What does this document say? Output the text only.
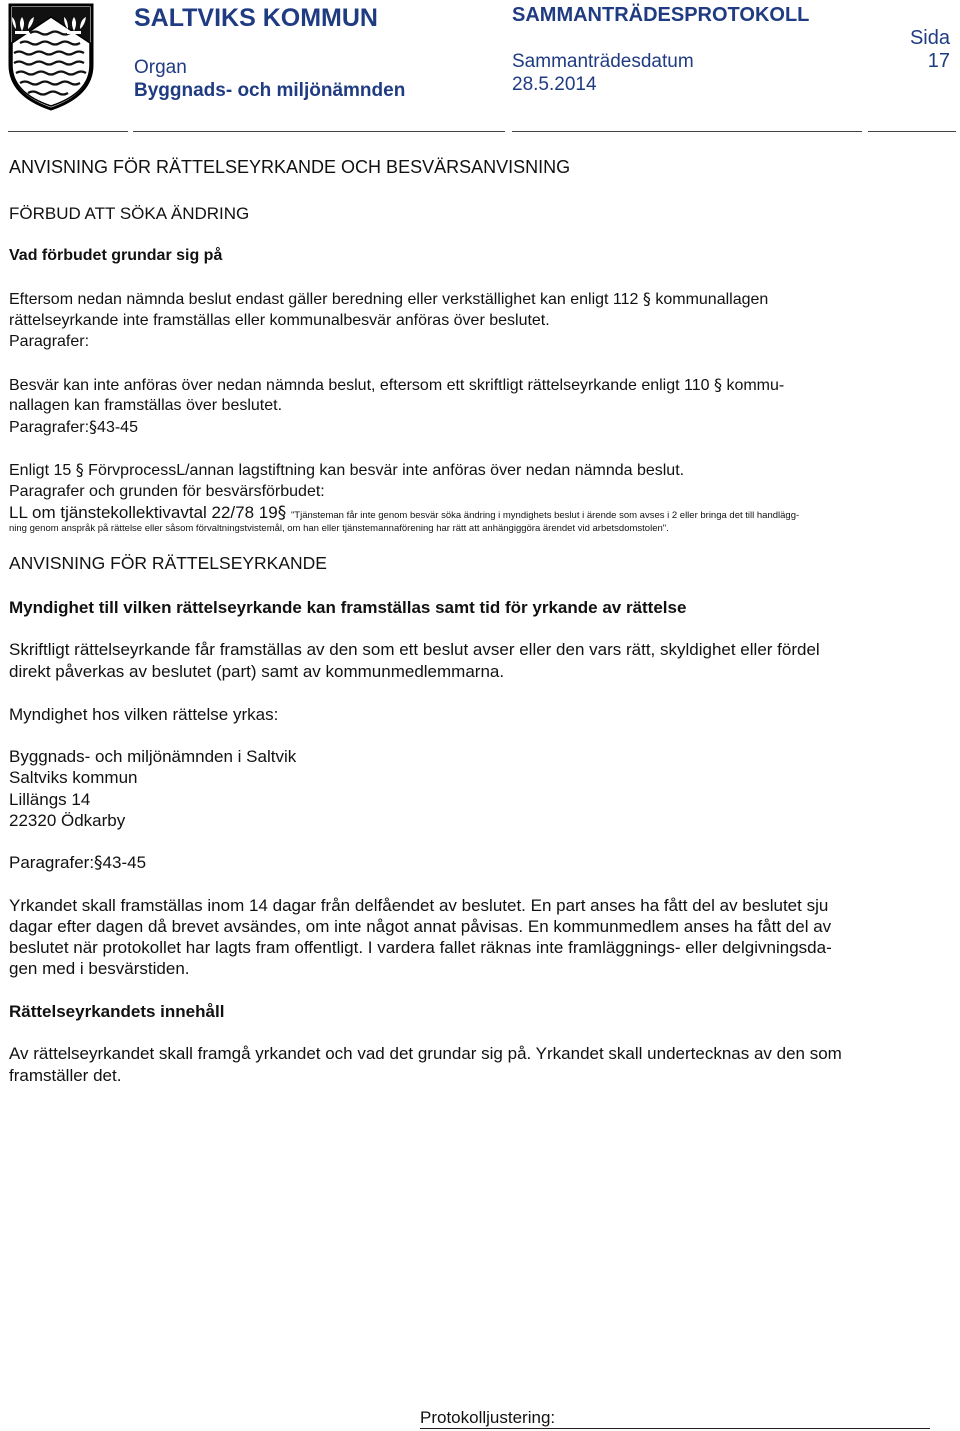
SALTVIKS KOMMUN
Organ
Byggnads- och miljönämnden
SAMMANTRÄDESPROTOKOLL
Sammanträdesdatum
28.5.2014
Sida
17
ANVISNING FÖR RÄTTELSEYRKANDE OCH BESVÄRSANVISNING
FÖRBUD ATT SÖKA ÄNDRING
Vad förbudet grundar sig på
Eftersom nedan nämnda beslut endast gäller beredning eller verkställighet kan enligt 112 § kommunallagen
rättelseyrkande inte framställas eller kommunalbesvär anföras över beslutet.
Paragrafer:
Besvär kan inte anföras över nedan nämnda beslut, eftersom ett skriftligt rättelseyrkande enligt 110 § kommu-
nallagen kan framställas över beslutet.
Paragrafer:§43-45
Enligt 15 § FörvprocessL/annan lagstiftning kan besvär inte anföras över nedan nämnda beslut.
Paragrafer och grunden för besvärsförbudet:
LL om tjänstekollektivavtal 22/78 19§ "Tjänsteman får inte genom besvär söka ändring i myndighets beslut i ärende som avses i 2 eller bringa det till handlägg-
ning genom anspråk på rättelse eller såsom förvaltningstvistemål, om han eller tjänstemannaförening har rätt att anhängiggöra ärendet vid arbetsdomstolen".
ANVISNING FÖR RÄTTELSEYRKANDE
Myndighet till vilken rättelseyrkande kan framställas samt tid för yrkande av rättelse
Skriftligt rättelseyrkande får framställas av den som ett beslut avser eller den vars rätt, skyldighet eller fördel
direkt påverkas av beslutet (part) samt av kommunmedlemmarna.
Myndighet hos vilken rättelse yrkas:
Byggnads- och miljönämnden i Saltvik
Saltviks kommun
Lillängs 14
22320 Ödkarby
Paragrafer:§43-45
Yrkandet skall framställas inom 14 dagar från delfåendet av beslutet. En part anses ha fått del av beslutet sju
dagar efter dagen då brevet avsändes, om inte något annat påvisas. En kommunmedlem anses ha fått del av
beslutet när protokollet har lagts fram offentligt. I vardera fallet räknas inte framläggnings- eller delgivningsda-
gen med i besvärstiden.
Rättelseyrkandets innehåll
Av rättelseyrkandet skall framgå yrkandet och vad det grundar sig på. Yrkandet skall undertecknas av den som
framställer det.
Protokolljustering:
